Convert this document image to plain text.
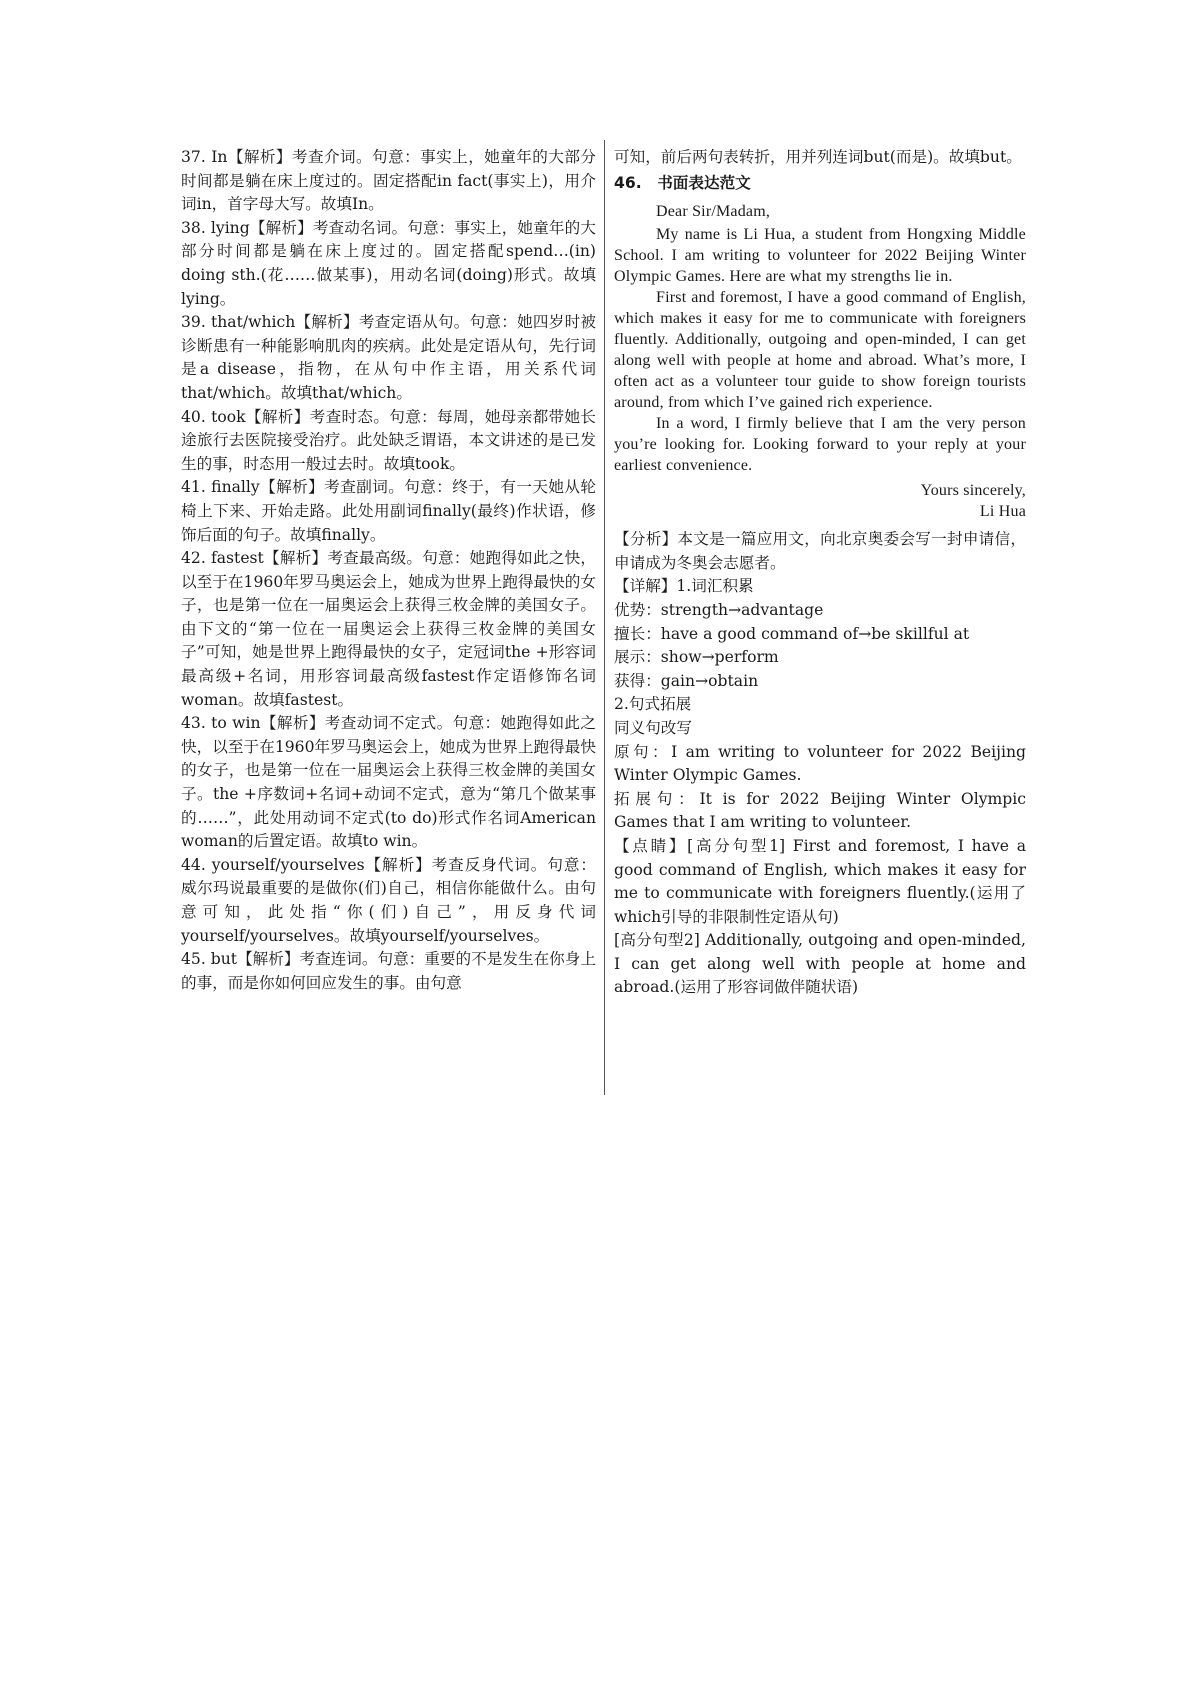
37. In【解析】考查介词。句意：事实上，她童年的大部分时间都是躺在床上度过的。固定搭配in fact(事实上)，用介词in，首字母大写。故填In。

38. lying【解析】考查动名词。句意：事实上，她童年的大部分时间都是躺在床上度过的。固定搭配spend…(in) doing sth.(花……做某事)，用动名词(doing)形式。故填lying。

39. that/which【解析】考查定语从句。句意：她四岁时被诊断患有一种能影响肌肉的疾病。此处是定语从句，先行词是a disease，指物，在从句中作主语，用关系代词that/which。故填that/which。

40. took【解析】考查时态。句意：每周，她母亲都带她长途旅行去医院接受治疗。此处缺乏谓语，本文讲述的是已发生的事，时态用一般过去时。故填took。

41. finally【解析】考查副词。句意：终于，有一天她从轮椅上下来、开始走路。此处用副词finally(最终)作状语，修饰后面的句子。故填finally。

42. fastest【解析】考查最高级。句意：她跑得如此之快，以至于在1960年罗马奥运会上，她成为世界上跑得最快的女子，也是第一位在一届奥运会上获得三枚金牌的美国女子。由下文的“第一位在一届奥运会上获得三枚金牌的美国女子”可知，她是世界上跑得最快的女子，定冠词the +形容词最高级+名词，用形容词最高级fastest作定语修饰名词woman。故填fastest。

43. to win【解析】考查动词不定式。句意：她跑得如此之快，以至于在1960年罗马奥运会上，她成为世界上跑得最快的女子，也是第一位在一届奥运会上获得三枚金牌的美国女子。the +序数词+名词+动词不定式，意为“第几个做某事的……”，此处用动词不定式(to do)形式作名词American woman的后置定语。故填to win。

44. yourself/yourselves【解析】考查反身代词。句意：威尔玛说最重要的是做你(们)自己，相信你能做什么。由句意可知，此处指“你(们)自己”，用反身代词yourself/yourselves。故填yourself/yourselves。

45. but【解析】考查连词。句意：重要的不是发生在你身上的事，而是你如何回应发生的事。由句意

可知，前后两句表转折，用并列连词but(而是)。故填but。

46.　书面表达范文

Dear Sir/Madam,

My name is Li Hua, a student from Hongxing Middle School. I am writing to volunteer for 2022 Beijing Winter Olympic Games. Here are what my strengths lie in.

First and foremost, I have a good command of English, which makes it easy for me to communicate with foreigners fluently. Additionally, outgoing and open-minded, I can get along well with people at home and abroad. What’s more, I often act as a volunteer tour guide to show foreign tourists around, from which I’ve gained rich experience.

In a word, I firmly believe that I am the very person you’re looking for. Looking forward to your reply at your earliest convenience.

Yours sincerely,

Li Hua

【分析】本文是一篇应用文，向北京奥委会写一封申请信，申请成为冬奥会志愿者。

【详解】1.词汇积累

优势：strength→advantage

擅长：have a good command of→be skillful at

展示：show→perform

获得：gain→obtain

2.句式拓展

同义句改写

原句：I am writing to volunteer for 2022 Beijing Winter Olympic Games.

拓展句：It is for 2022 Beijing Winter Olympic Games that I am writing to volunteer.

【点睛】[高分句型1] First and foremost, I have a good command of English, which makes it easy for me to communicate with foreigners fluently.(运用了which引导的非限制性定语从句)

[高分句型2] Additionally, outgoing and open-minded, I can get along well with people at home and abroad.(运用了形容词做伴随状语)
